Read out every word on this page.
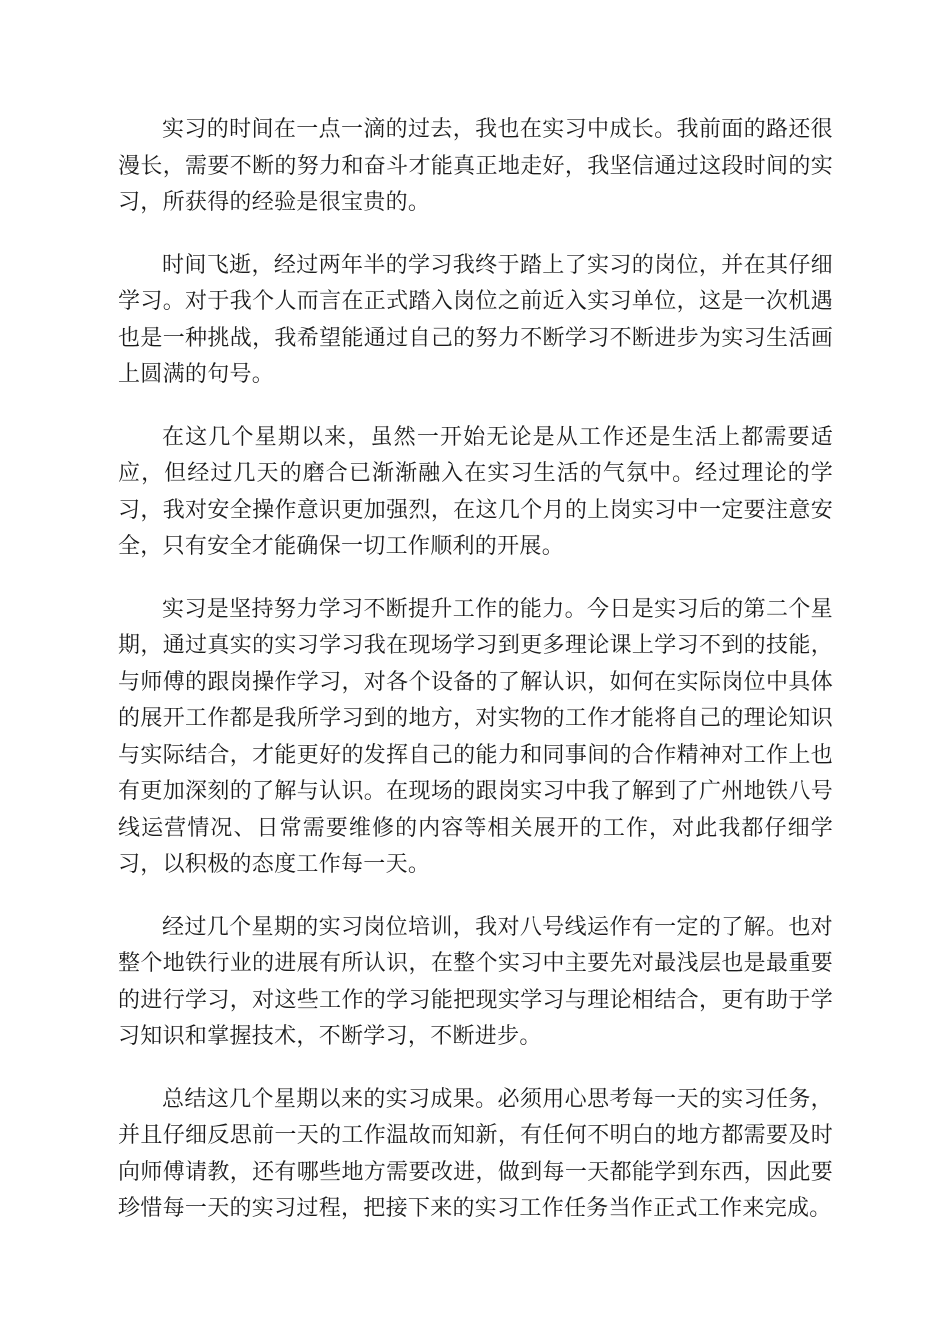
实习的时间在一点一滴的过去，我也在实习中成长。我前面的路还很漫长，需要不断的努力和奋斗才能真正地走好，我坚信通过这段时间的实习，所获得的经验是很宝贵的。

时间飞逝，经过两年半的学习我终于踏上了实习的岗位，并在其仔细学习。对于我个人而言在正式踏入岗位之前近入实习单位，这是一次机遇也是一种挑战，我希望能通过自己的努力不断学习不断进步为实习生活画上圆满的句号。

在这几个星期以来，虽然一开始无论是从工作还是生活上都需要适应，但经过几天的磨合已渐渐融入在实习生活的气氛中。经过理论的学习，我对安全操作意识更加强烈，在这几个月的上岗实习中一定要注意安全，只有安全才能确保一切工作顺利的开展。

实习是坚持努力学习不断提升工作的能力。今日是实习后的第二个星期，通过真实的实习学习我在现场学习到更多理论课上学习不到的技能，与师傅的跟岗操作学习，对各个设备的了解认识，如何在实际岗位中具体的展开工作都是我所学习到的地方，对实物的工作才能将自己的理论知识与实际结合，才能更好的发挥自己的能力和同事间的合作精神对工作上也有更加深刻的了解与认识。在现场的跟岗实习中我了解到了广州地铁八号线运营情况、日常需要维修的内容等相关展开的工作，对此我都仔细学习，以积极的态度工作每一天。

经过几个星期的实习岗位培训，我对八号线运作有一定的了解。也对整个地铁行业的进展有所认识，在整个实习中主要先对最浅层也是最重要的进行学习，对这些工作的学习能把现实学习与理论相结合，更有助于学习知识和掌握技术，不断学习，不断进步。

总结这几个星期以来的实习成果。必须用心思考每一天的实习任务，并且仔细反思前一天的工作温故而知新，有任何不明白的地方都需要及时向师傅请教，还有哪些地方需要改进，做到每一天都能学到东西，因此要珍惜每一天的实习过程，把接下来的实习工作任务当作正式工作来完成。
